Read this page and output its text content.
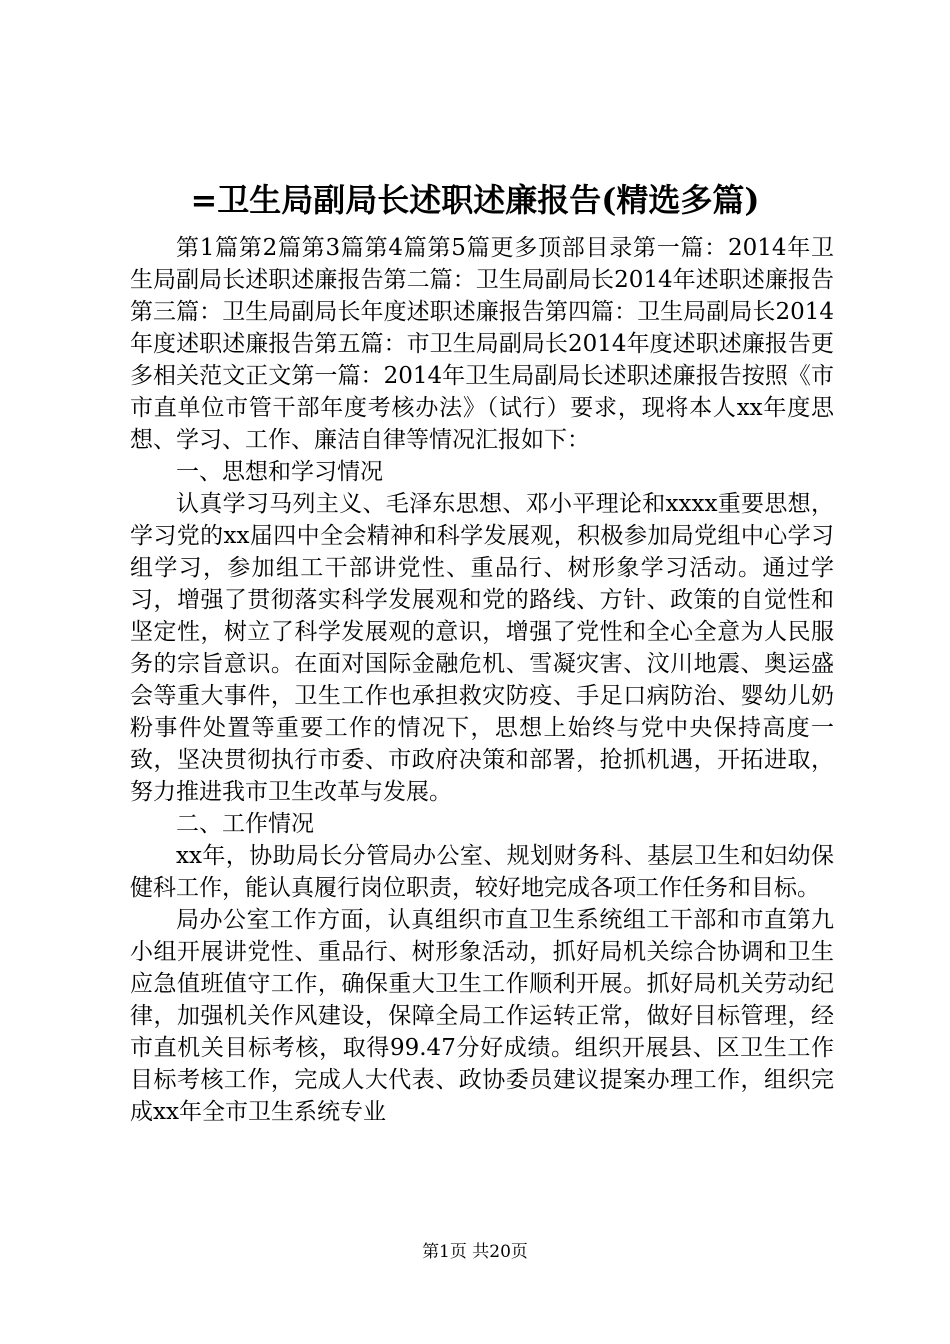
=卫生局副局长述职述廉报告(精选多篇)

第1篇第2篇第3篇第4篇第5篇更多顶部目录第一篇：2014年卫生局副局长述职述廉报告第二篇：卫生局副局长2014年述职述廉报告第三篇：卫生局副局长年度述职述廉报告第四篇：卫生局副局长2014年度述职述廉报告第五篇：市卫生局副局长2014年度述职述廉报告更多相关范文正文第一篇：2014年卫生局副局长述职述廉报告按照《市市直单位市管干部年度考核办法》（试行）要求，现将本人xx年度思想、学习、工作、廉洁自律等情况汇报如下：

一、思想和学习情况

认真学习马列主义、毛泽东思想、邓小平理论和xxxx重要思想，学习党的xx届四中全会精神和科学发展观，积极参加局党组中心学习组学习，参加组工干部讲党性、重品行、树形象学习活动。通过学习，增强了贯彻落实科学发展观和党的路线、方针、政策的自觉性和坚定性，树立了科学发展观的意识，增强了党性和全心全意为人民服务的宗旨意识。在面对国际金融危机、雪凝灾害、汶川地震、奥运盛会等重大事件，卫生工作也承担救灾防疫、手足口病防治、婴幼儿奶粉事件处置等重要工作的情况下，思想上始终与党中央保持高度一致，坚决贯彻执行市委、市政府决策和部署，抢抓机遇，开拓进取，努力推进我市卫生改革与发展。

二、工作情况

xx年，协助局长分管局办公室、规划财务科、基层卫生和妇幼保健科工作，能认真履行岗位职责，较好地完成各项工作任务和目标。

局办公室工作方面，认真组织市直卫生系统组工干部和市直第九小组开展讲党性、重品行、树形象活动，抓好局机关综合协调和卫生应急值班值守工作，确保重大卫生工作顺利开展。抓好局机关劳动纪律，加强机关作风建设，保障全局工作运转正常，做好目标管理，经市直机关目标考核，取得99.47分好成绩。组织开展县、区卫生工作目标考核工作，完成人大代表、政协委员建议提案办理工作，组织完成xx年全市卫生系统专业

第1页 共20页
